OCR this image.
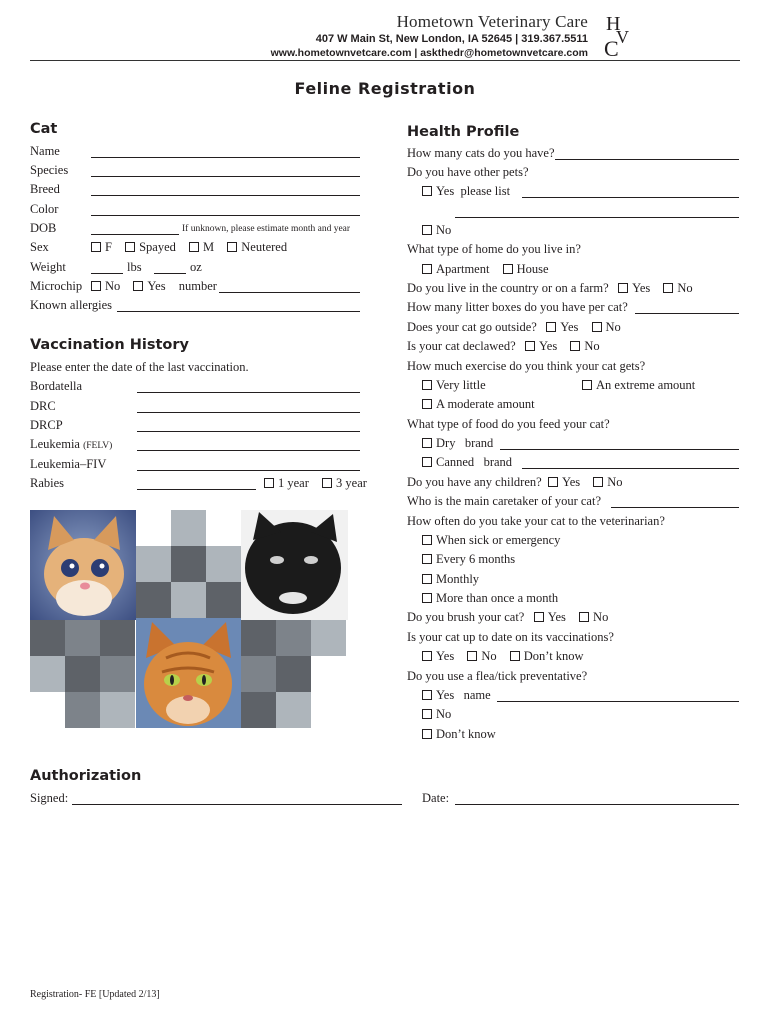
Hometown Veterinary Care
407 W Main St, New London, IA 52645 | 319.367.5511
www.hometownvetcare.com | askthedr@hometownvetcare.com
H
V
C
Feline Registration
Cat
Name
Species
Breed
Color
DOB	If unknown, please estimate month and year
Sex	F Spayed M Neutered
Weight	lbs	oz
Microchip	No Yes number
Known allergies
Vaccination History
Please enter the date of the last vaccination.
Bordatella
DRC
DRCP
Leukemia (FELV)
Leukemia–FIV
Rabies	1 year 3 year
Health Profile
How many cats do you have?
Do you have other pets?
Yes please list
No
What type of home do you live in?
Apartment House
Do you live in the country or on a farm? Yes No
How many litter boxes do you have per cat?
Does your cat go outside? Yes No
Is your cat declawed? Yes No
How much exercise do you think your cat gets?
Very little	An extreme amount
A moderate amount
What type of food do you feed your cat?
Dry brand
Canned brand
Do you have any children? Yes No
Who is the main caretaker of your cat?
How often do you take your cat to the veterinarian?
When sick or emergency
Every 6 months
Monthly
More than once a month
Do you brush your cat? Yes No
Is your cat up to date on its vaccinations?
Yes No Don’t know
Do you use a flea/tick preventative?
Yes name
No
Don’t know
Authorization
Signed:	Date:
Registration- FE [Updated 2/13]
